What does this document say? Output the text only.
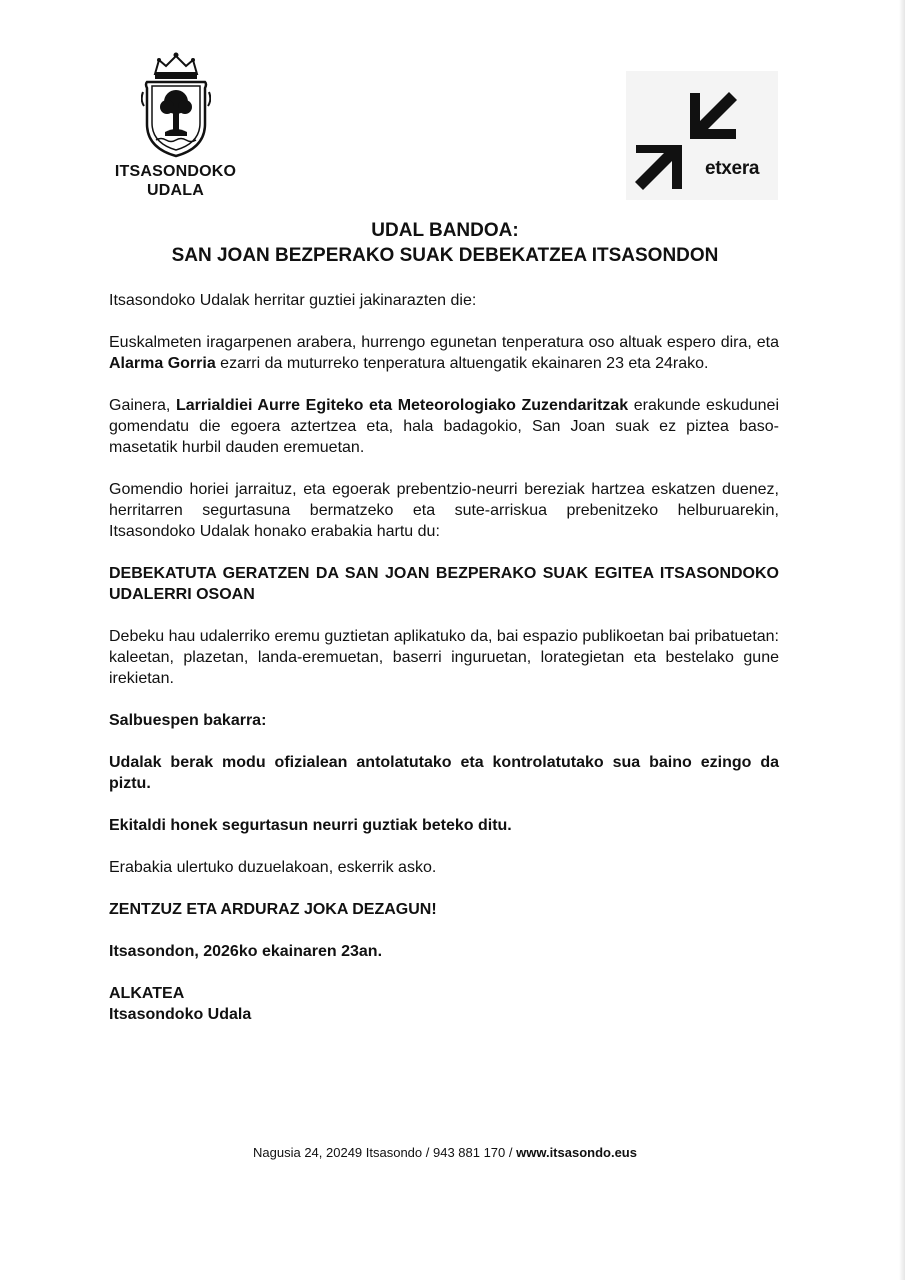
ITSASONDOKO
UDALA
etxera
UDAL BANDOA:
SAN JOAN BEZPERAKO SUAK DEBEKATZEA ITSASONDON

Itsasondoko Udalak herritar guztiei jakinarazten die:

Euskalmeten iragarpenen arabera, hurrengo egunetan tenperatura oso altuak espero dira, eta Alarma Gorria ezarri da muturreko tenperatura altuengatik ekainaren 23 eta 24rako.

Gainera, Larrialdiei Aurre Egiteko eta Meteorologiako Zuzendaritzak erakunde eskudunei gomendatu die egoera aztertzea eta, hala badagokio, San Joan suak ez piztea baso-masetatik hurbil dauden eremuetan.

Gomendio horiei jarraituz, eta egoerak prebentzio-neurri bereziak hartzea eskatzen duenez, herritarren segurtasuna bermatzeko eta sute-arriskua prebenitzeko helburuarekin, Itsasondoko Udalak honako erabakia hartu du:

DEBEKATUTA GERATZEN DA SAN JOAN BEZPERAKO SUAK EGITEA ITSASONDOKO UDALERRI OSOAN

Debeku hau udalerriko eremu guztietan aplikatuko da, bai espazio publikoetan bai pribatuetan: kaleetan, plazetan, landa-eremuetan, baserri inguruetan, lorategietan eta bestelako gune irekietan.

Salbuespen bakarra:

Udalak berak modu ofizialean antolatutako eta kontrolatutako sua baino ezingo da piztu.

Ekitaldi honek segurtasun neurri guztiak beteko ditu.

Erabakia ulertuko duzuelakoan, eskerrik asko.

ZENTZUZ ETA ARDURAZ JOKA DEZAGUN!

Itsasondon, 2026ko ekainaren 23an.

ALKATEA
Itsasondoko Udala
Nagusia 24, 20249 Itsasondo / 943 881 170 / www.itsasondo.eus
